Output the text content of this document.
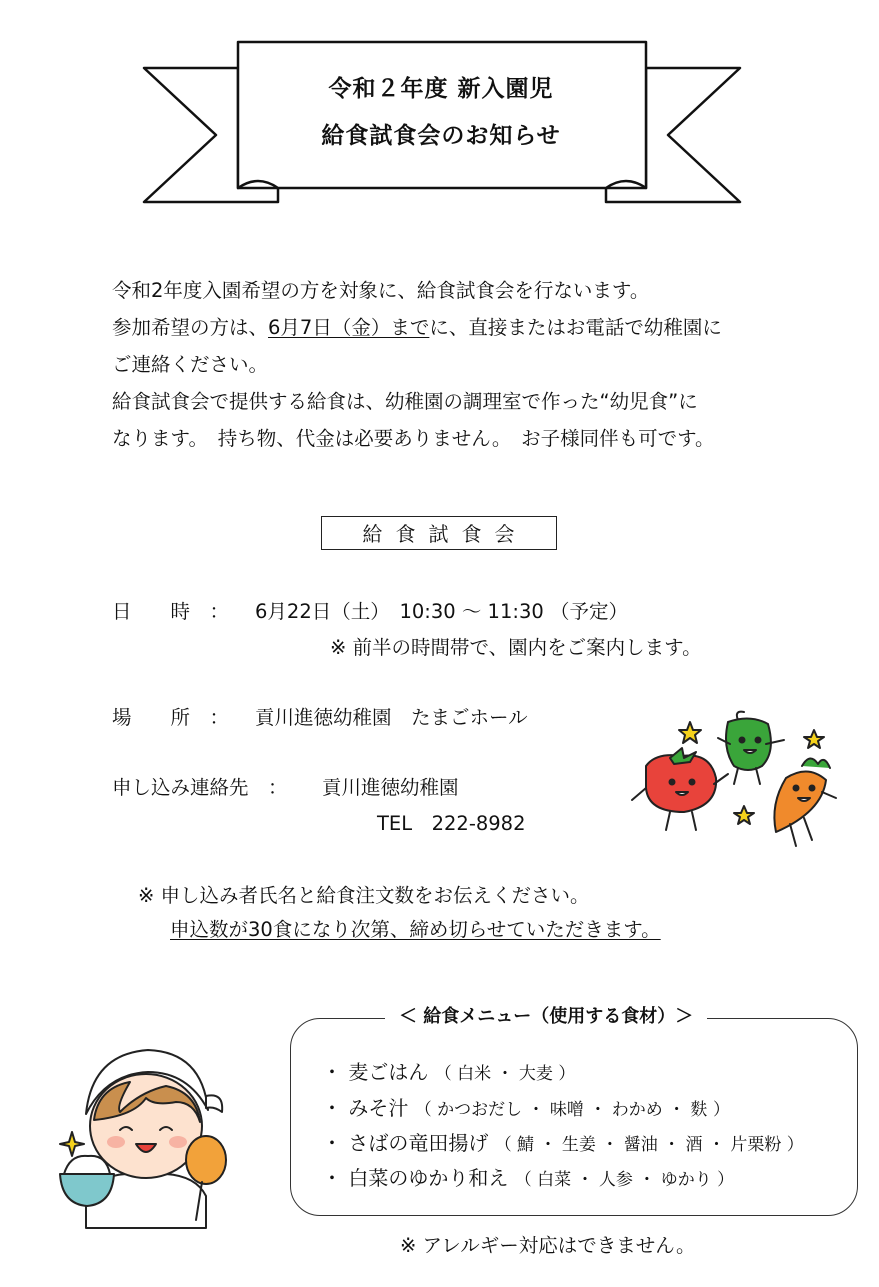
令和２年度 新入園児
給食試食会のお知らせ

令和2年度入園希望の方を対象に、給食試食会を行ないます。

参加希望の方は、6月7日（金）までに、直接またはお電話で幼稚園に

ご連絡ください。

給食試食会で提供する給食は、幼稚園の調理室で作った“幼児食”に

なります。　持ち物、代金は必要ありません。　お子様同伴も可です。

給食試食会
日　　時　： 6月22日（土）　10:30 ～ 11:30 （予定）
※ 前半の時間帯で、園内をご案内します。
場　　所　： 貢川進徳幼稚園　たまごホール
申し込み連絡先　： 貢川進徳幼稚園
TEL　222-8982
※ 申し込み者氏名と給食注文数をお伝えください。
申込数が30食になり次第、締め切らせていただきます。
＜ 給食メニュー（使用する食材）＞
・ 麦ごはん （ 白米 ・ 大麦 ）
・ みそ汁 （ かつおだし ・ 味噌 ・ わかめ ・ 麩 ）
・ さばの竜田揚げ （ 鯖 ・ 生姜 ・ 醤油 ・ 酒 ・ 片栗粉 ）
・ 白菜のゆかり和え （ 白菜 ・ 人参 ・ ゆかり ）
※ アレルギー対応はできません。
